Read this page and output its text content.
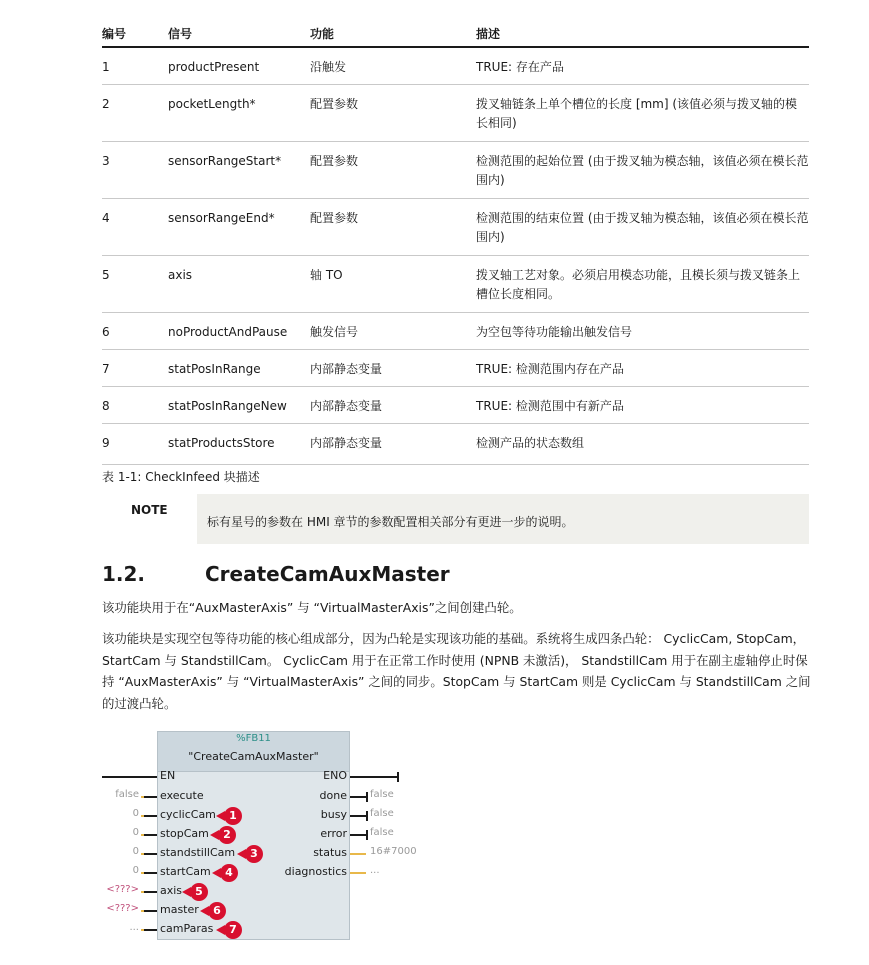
编号	信号	功能	描述
1	productPresent	沿触发	TRUE: 存在产品
2	pocketLength*	配置参数	拨叉轴链条上单个槽位的长度 [mm] (该值必须与拨叉轴的模长相同)
3	sensorRangeStart* 配置参数	检测范围的起始位置 (由于拨叉轴为模态轴，该值必须在模长范围内)
4	sensorRangeEnd*	配置参数	检测范围的结束位置 (由于拨叉轴为模态轴，该值必须在模长范围内)
5	axis	轴 TO	拨叉轴工艺对象。必须启用模态功能，且模长须与拨叉链条上槽位长度相同。
6	noProductAndPause 触发信号	为空包等待功能输出触发信号
7	statPosInRange	内部静态变量	TRUE: 检测范围内存在产品
8	statPosInRangeNew 内部静态变量	TRUE: 检测范围中有新产品
9	statProductsStore	内部静态变量	检测产品的状态数组
表 1-1: CheckInfeed 块描述
NOTE
标有星号的参数在 HMI 章节的参数配置相关部分有更进一步的说明。
1.2.	CreateCamAuxMaster
该功能块用于在“AuxMasterAxis” 与 “VirtualMasterAxis”之间创建凸轮。
该功能块是实现空包等待功能的核心组成部分，因为凸轮是实现该功能的基础。系统将生成四条凸轮： CyclicCam, StopCam， StartCam 与 StandstillCam。 CyclicCam 用于在正常工作时使用 (NPNB 未激活)， StandstillCam 用于在副主虚轴停止时保持 “AuxMasterAxis” 与 “VirtualMasterAxis” 之间的同步。StopCam 与 StartCam 则是 CyclicCam 与 StandstillCam 之间的过渡凸轮。
%FB11
"CreateCamAuxMaster"
EN
execute
false
cyclicCam
0	1
stopCam
0	2
standstillCam
0	3
startCam
0	4
axis
<???>	5
master
<???>	6
camParas
...	7
ENO
done false
busy false
error false
status 16#7000
diagnostics ...
